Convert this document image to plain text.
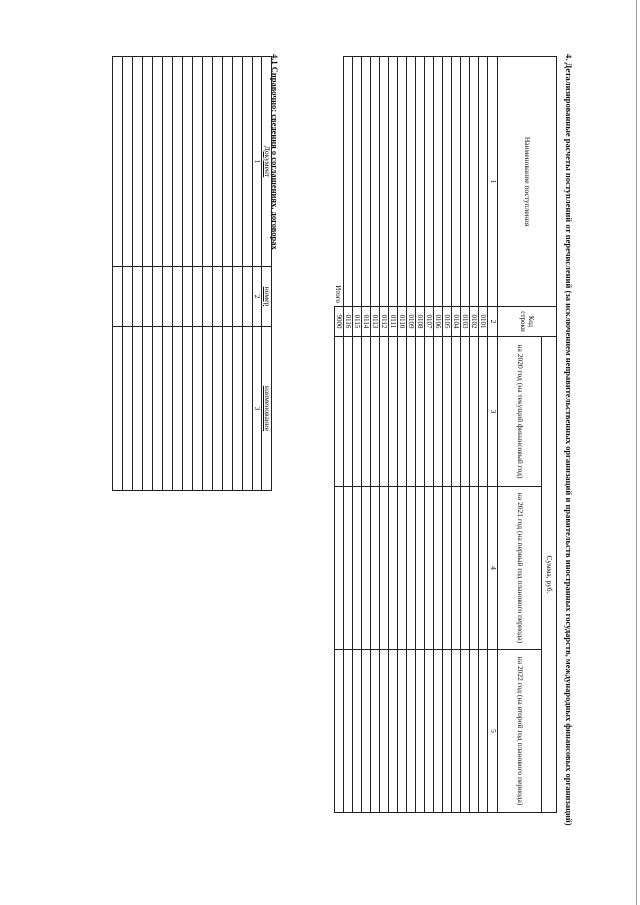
4. Детализированные расчеты поступлений от перечислений (за исключением неправительственных организаций и правительств иностранных государств, международных финансовых организаций)
Наименование поступления	Код строки	Сумма, руб.		
		на 2020 год (на текущий финансовый год)	на 2021 год (на первый год планового периода)	на 2022 год (на второй год планового периода)
1	2	3	4	5
	0101			
	0102			
	0103			
	0104			
	0105			
	0106			
	0107			
	0108			
	0109			
	0110			
	0111			
	0112			
	0113			
	0114			
	0115			
	0116			
Итого	9000			
4.1 Справочно: сведения о соглашениях, договорах
Документ	номер	наименование
1	2	3
